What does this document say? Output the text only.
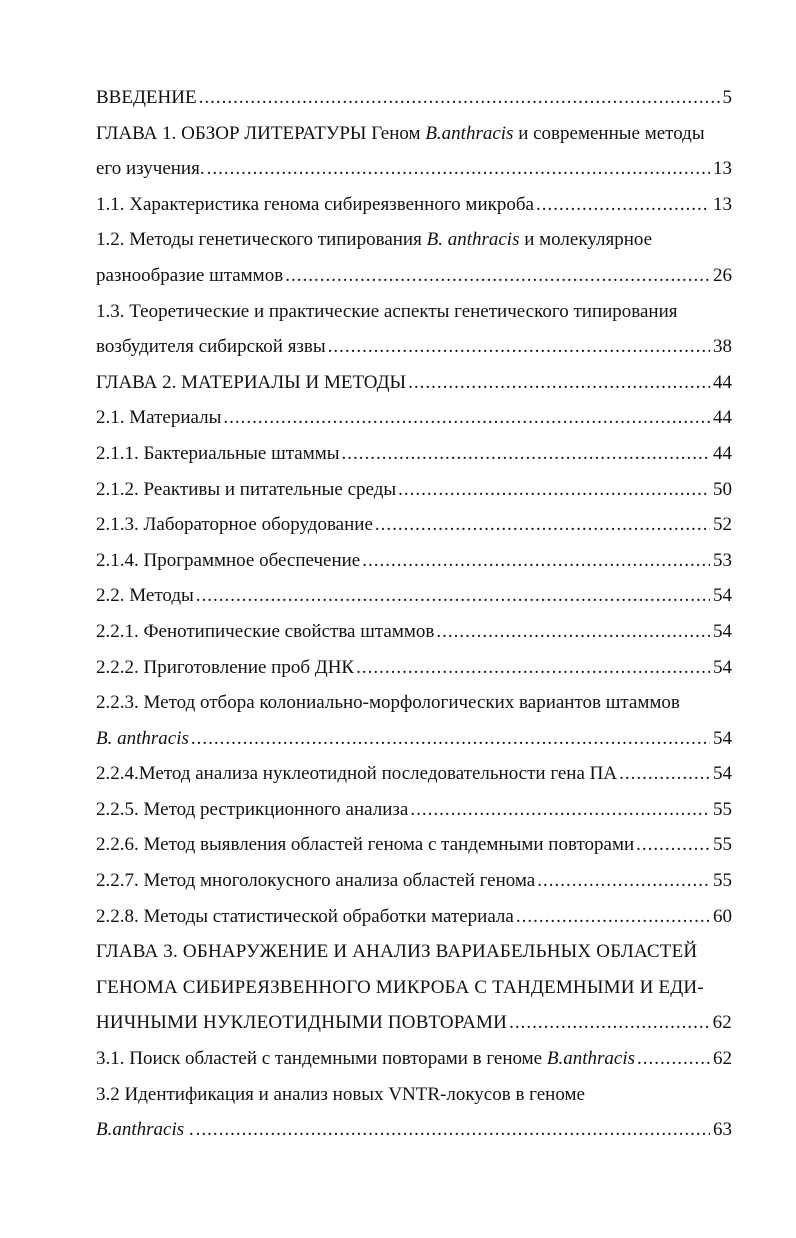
ВВЕДЕНИЕ .....	5
ГЛАВА 1. ОБЗОР ЛИТЕРАТУРЫ Геном B.anthracis и современные методы
его изучения. .....	13
1.1. Характеристика генома сибиреязвенного микроба .....	13
1.2. Методы генетического типирования B. anthracis и молекулярное
разнообразие штаммов .....	26
1.3. Теоретические и практические аспекты генетического типирования
возбудителя сибирской язвы .....	38
ГЛАВА 2. МАТЕРИАЛЫ И МЕТОДЫ .....	44
2.1. Материалы .....	44
2.1.1. Бактериальные штаммы .....	44
2.1.2. Реактивы и питательные среды .....	50
2.1.3. Лабораторное оборудование .....	52
2.1.4. Программное обеспечение .....	53
2.2. Методы .....	54
2.2.1. Фенотипические свойства штаммов .....	54
2.2.2. Приготовление проб ДНК .....	54
2.2.3. Метод отбора колониально-морфологических вариантов штаммов
B. anthracis .....	54
2.2.4.Метод анализа нуклеотидной последовательности гена ПА .....	54
2.2.5. Метод рестрикционного анализа .....	55
2.2.6. Метод выявления областей генома с тандемными повторами .....	55
2.2.7. Метод многолокусного анализа областей генома .....	55
2.2.8. Методы статистической обработки материала .....	60
ГЛАВА 3. ОБНАРУЖЕНИЕ И АНАЛИЗ ВАРИАБЕЛЬНЫХ ОБЛАСТЕЙ
ГЕНОМА СИБИРЕЯЗВЕННОГО МИКРОБА С ТАНДЕМНЫМИ И ЕДИ-
НИЧНЫМИ НУКЛЕОТИДНЫМИ ПОВТОРАМИ .....	62
3.1. Поиск областей с тандемными повторами в геноме B.anthracis .....	62
3.2 Идентификация и анализ новых VNTR-локусов в геноме
B.anthracis . .....	63
